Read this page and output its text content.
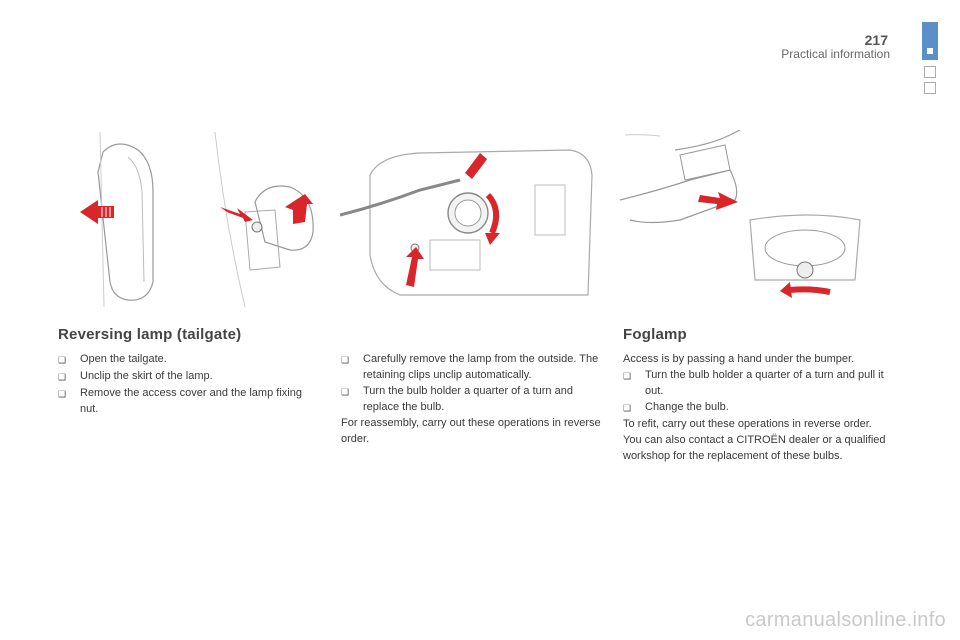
217
Practical information
Reversing lamp (tailgate)
❑	Open the tailgate.
❑	Unclip the skirt of the lamp.
❑	Remove the access cover and the lamp fixing nut.
❑	Carefully remove the lamp from the outside. The retaining clips unclip automatically.
❑	Turn the bulb holder a quarter of a turn and replace the bulb.
For reassembly, carry out these operations in reverse order.
Foglamp
Access is by passing a hand under the bumper.
❑	Turn the bulb holder a quarter of a turn and pull it out.
❑	Change the bulb.
To refit, carry out these operations in reverse order.
You can also contact a CITROËN dealer or a qualified workshop for the replacement of these bulbs.
carmanualsonline.info
